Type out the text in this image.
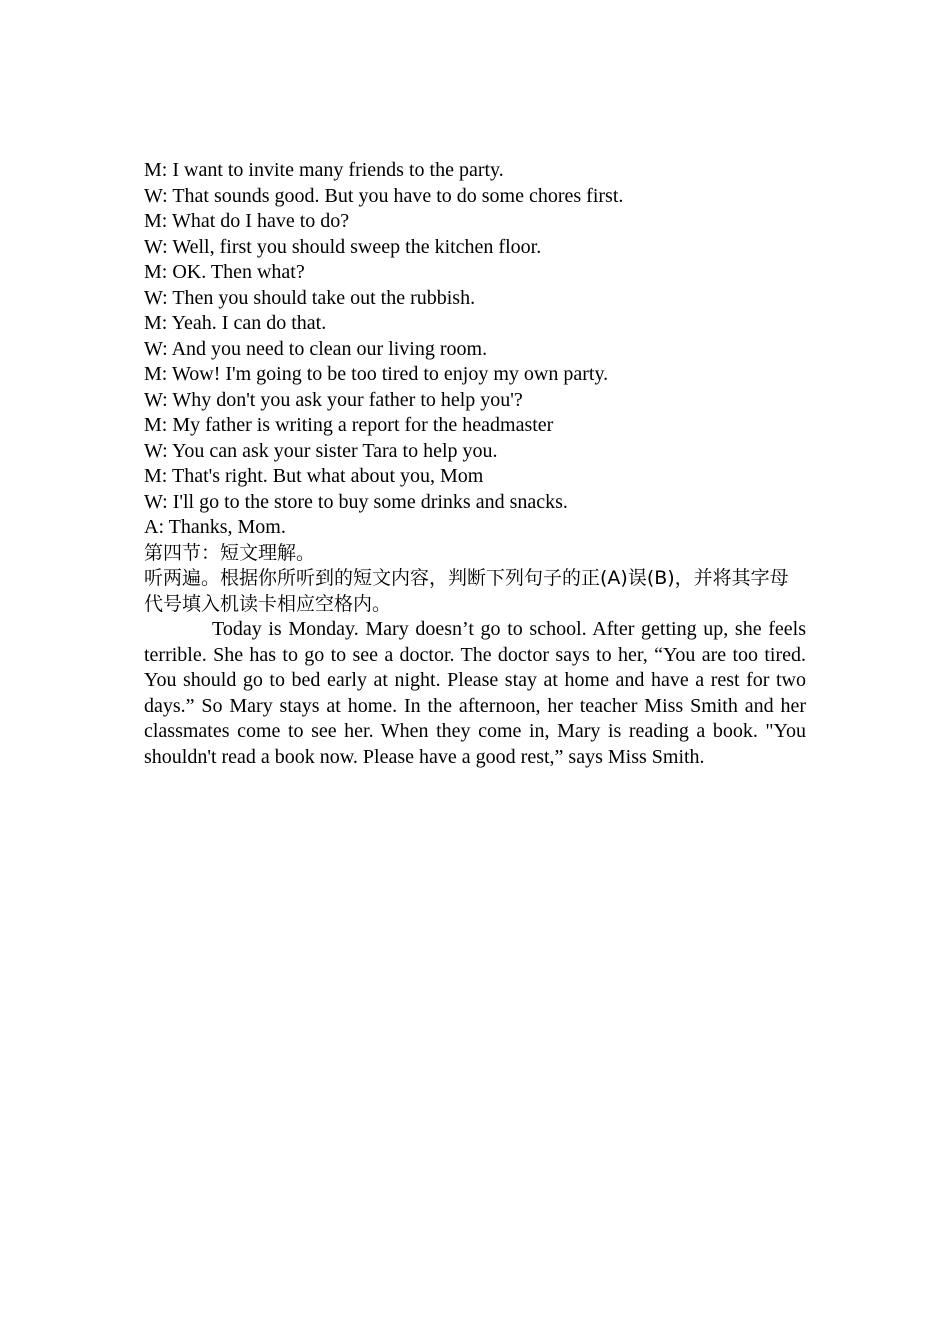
M: I want to invite many friends to the party.
W: That sounds good. But you have to do some chores first.
M: What do I have to do?
W: Well, first you should sweep the kitchen floor.
M: OK. Then what?
W: Then you should take out the rubbish.
M: Yeah. I can do that.
W: And you need to clean our living room.
M: Wow! I'm going to be too tired to enjoy my own party.
W: Why don't you ask your father to help you'?
M: My father is writing a report for the headmaster
W: You can ask your sister Tara to help you.
M: That's right. But what about you, Mom
W: I'll go to the store to buy some drinks and snacks.
A: Thanks, Mom.
第四节：短文理解。
听两遍。根据你所听到的短文内容，判断下列句子的正(A)误(B)，并将其字母代号填入机读卡相应空格内。
Today is Monday. Mary doesn’t go to school. After getting up, she feels terrible. She has to go to see a doctor. The doctor says to her, “You are too tired. You should go to bed early at night. Please stay at home and have a rest for two days.” So Mary stays at home. In the afternoon, her teacher Miss Smith and her classmates come to see her. When they come in, Mary is reading a book. "You shouldn't read a book now. Please have a good rest,” says Miss Smith.
